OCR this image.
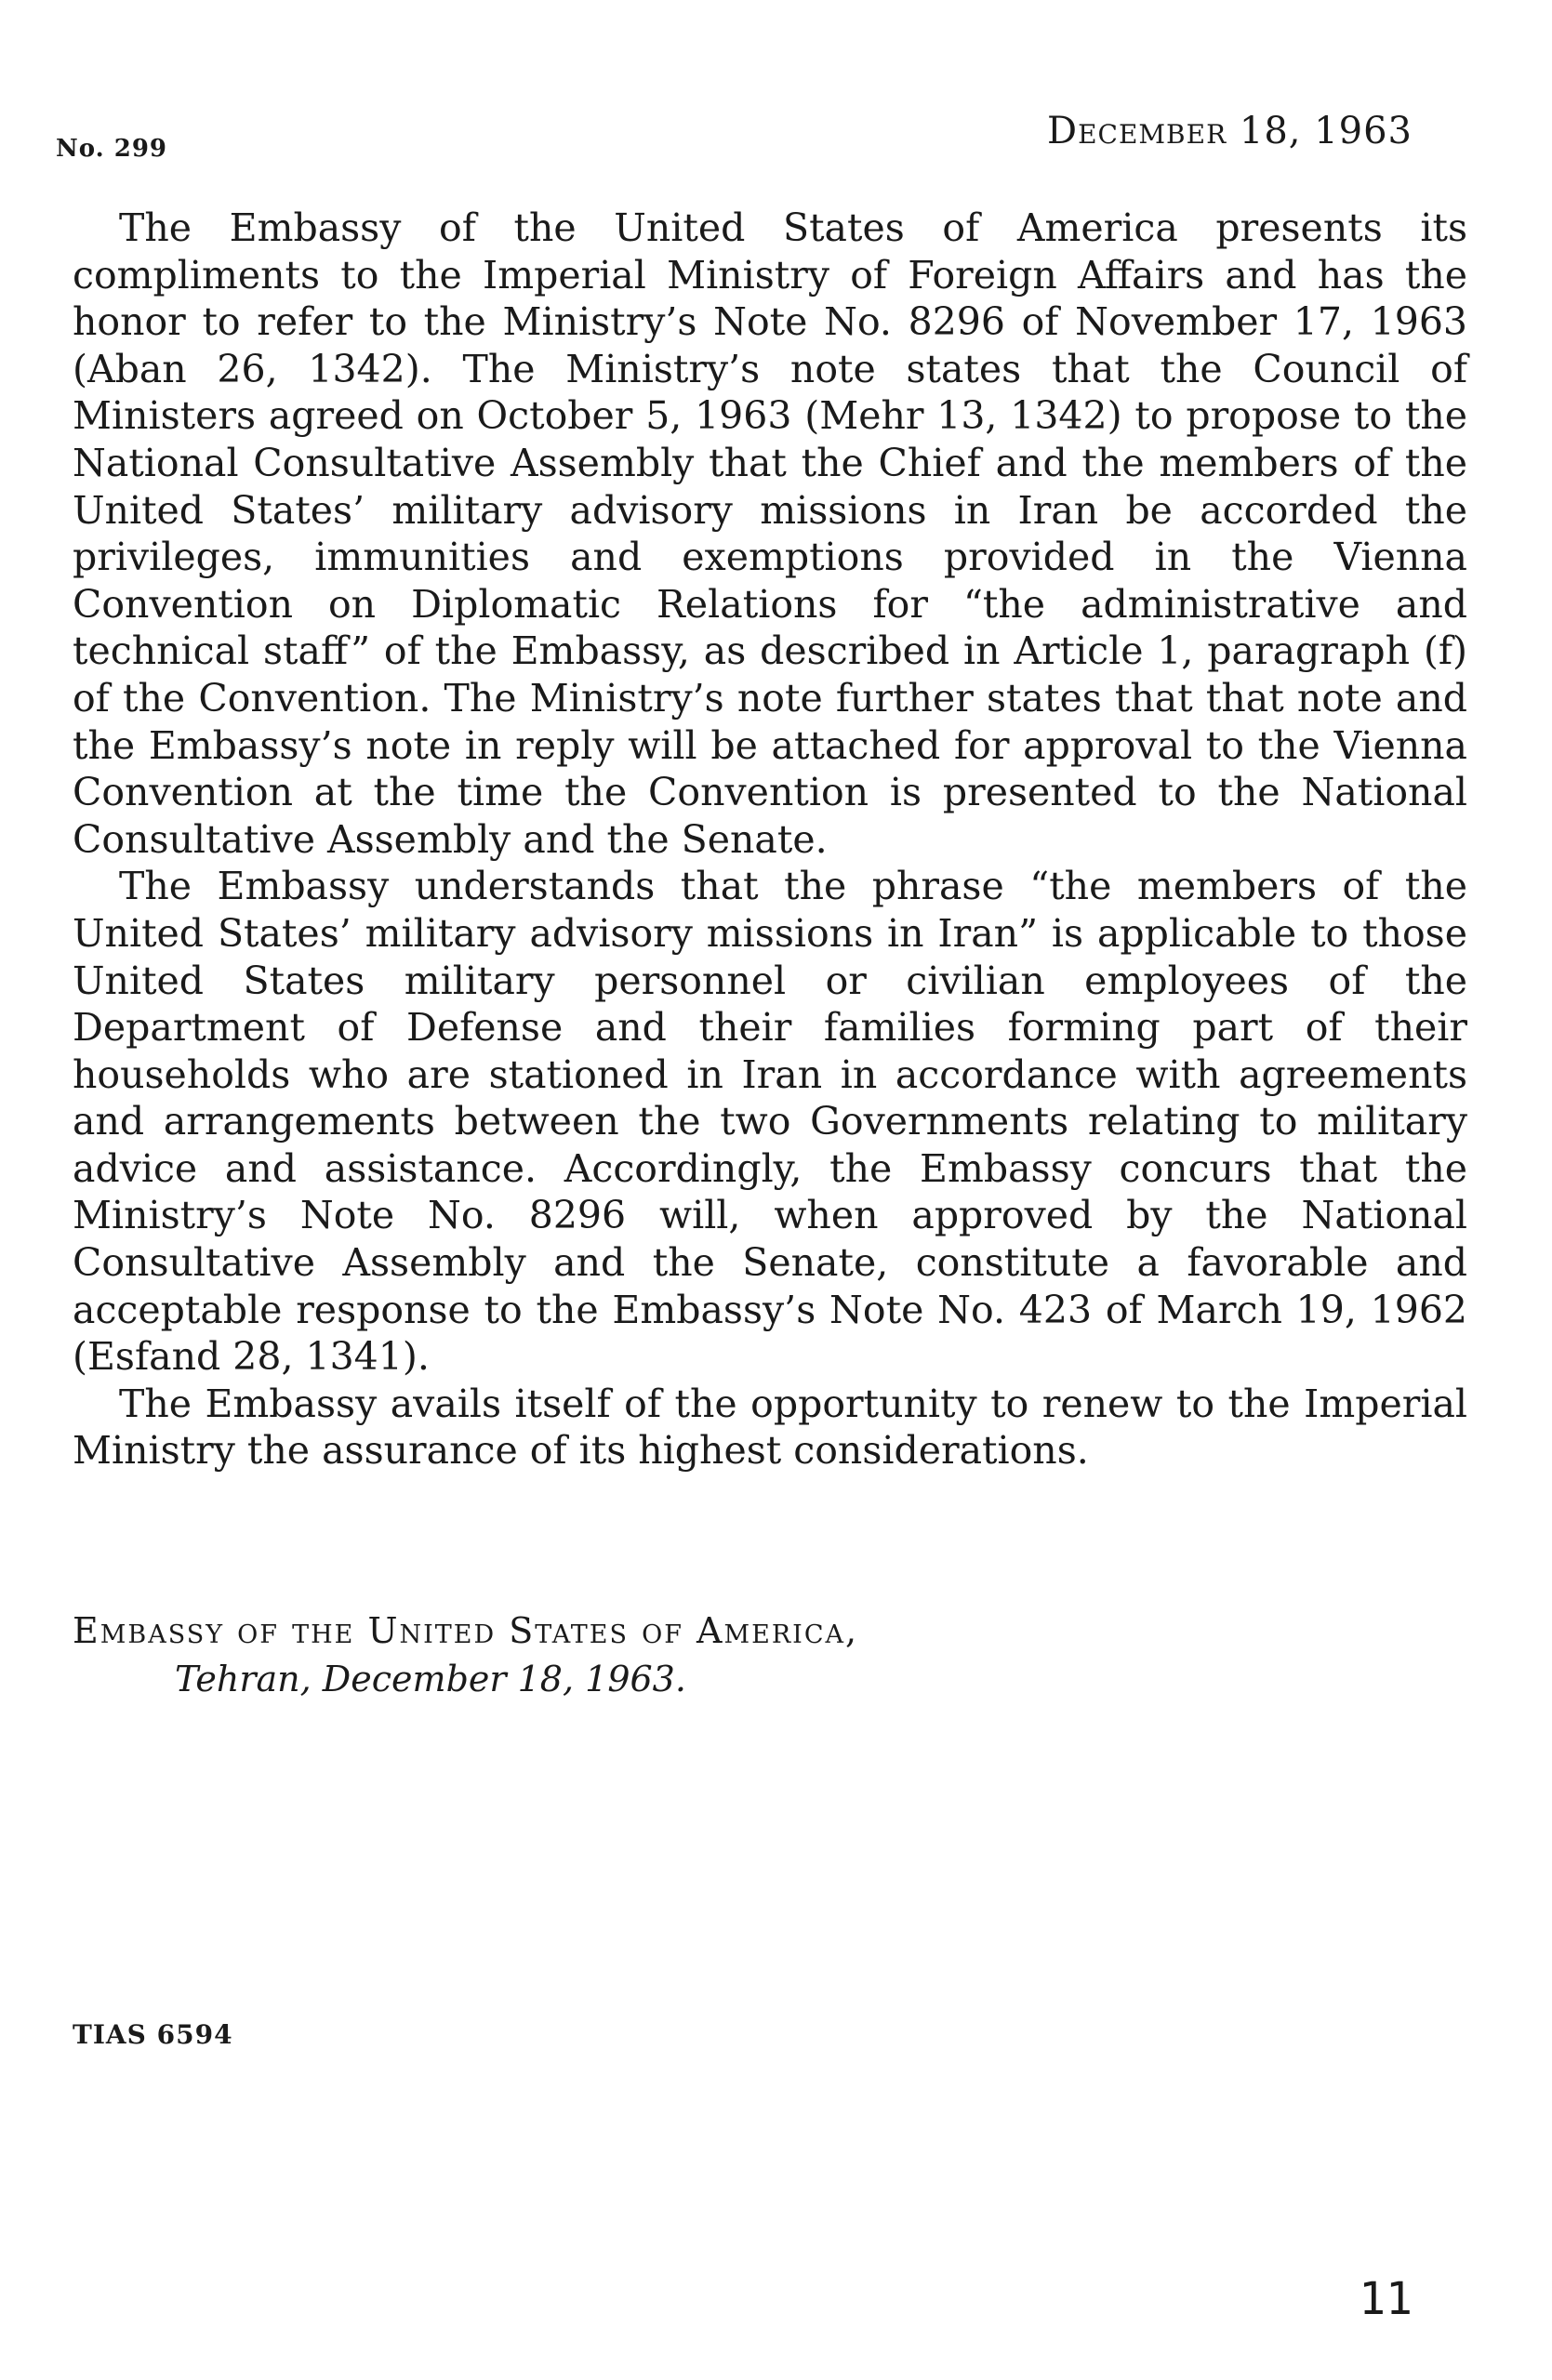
No. 299	December 18, 1963

The Embassy of the United States of America presents its compliments to the Imperial Ministry of Foreign Affairs and has the honor to refer to the Ministry’s Note No. 8296 of November 17, 1963 (Aban 26, 1342). The Ministry’s note states that the Council of Ministers agreed on October 5, 1963 (Mehr 13, 1342) to propose to the National Consultative Assembly that the Chief and the members of the United States’ military advisory missions in Iran be accorded the privileges, immunities and exemptions provided in the Vienna Convention on Diplomatic Relations for “the administrative and technical staff” of the Embassy, as described in Article 1, paragraph (f) of the Convention. The Ministry’s note further states that that note and the Embassy’s note in reply will be attached for approval to the Vienna Convention at the time the Convention is presented to the National Consultative Assembly and the Senate.

The Embassy understands that the phrase “the members of the United States’ military advisory missions in Iran” is applicable to those United States military personnel or civilian employees of the Department of Defense and their families forming part of their households who are stationed in Iran in accordance with agreements and arrangements between the two Governments relating to military advice and assistance. Accordingly, the Embassy concurs that the Ministry’s Note No. 8296 will, when approved by the National Consultative Assembly and the Senate, constitute a favorable and acceptable response to the Embassy’s Note No. 423 of March 19, 1962 (Esfand 28, 1341).

The Embassy avails itself of the opportunity to renew to the Imperial Ministry the assurance of its highest considerations.

Embassy of the United States of America,
Tehran, December 18, 1963.
TIAS 6594
11
